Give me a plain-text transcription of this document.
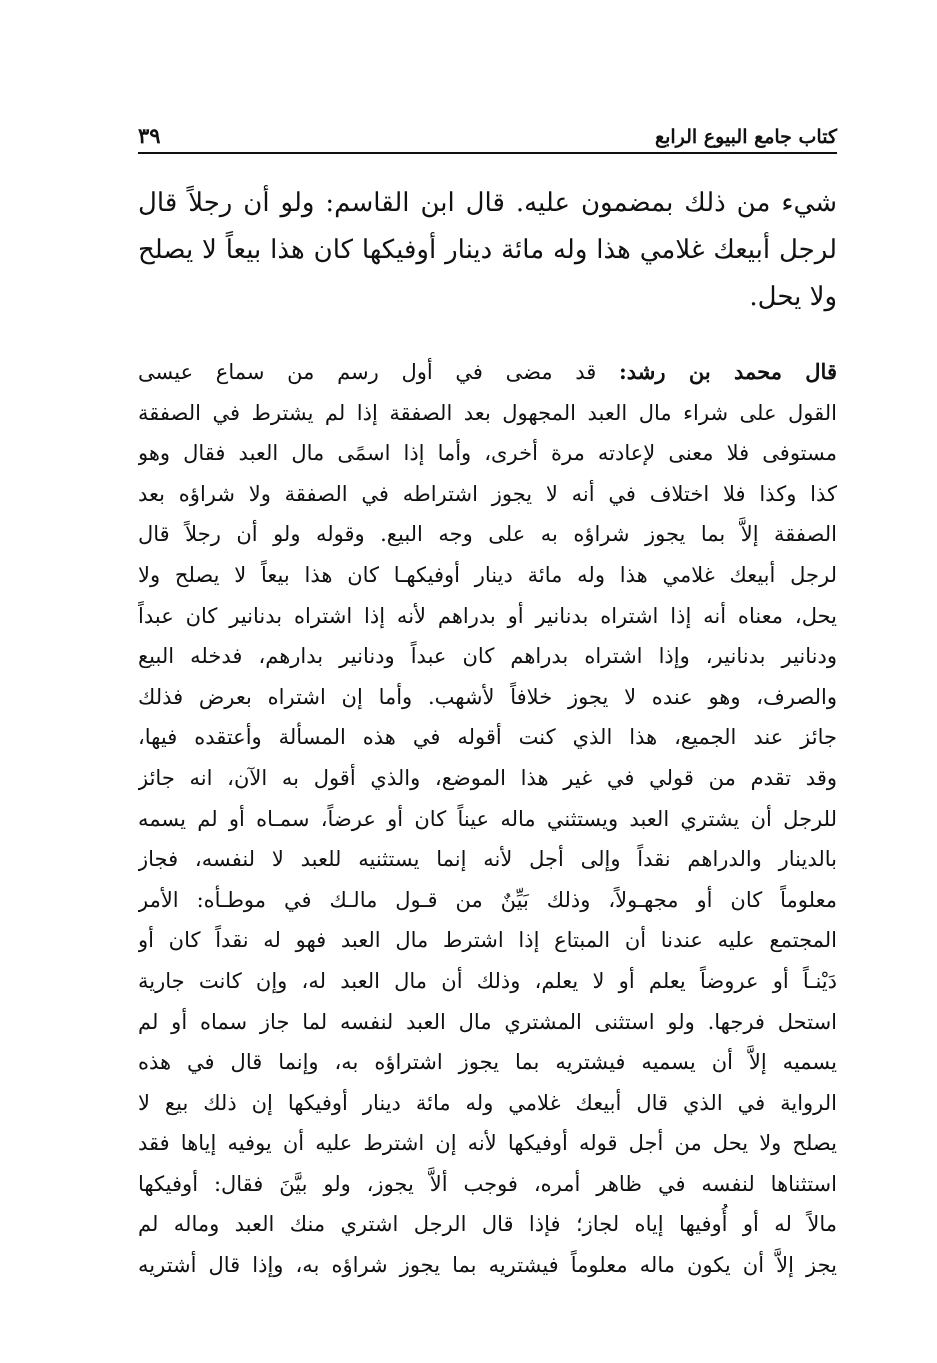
كتاب جامع البيوع الرابع
٣٩
شيء من ذلك بمضمون عليه. قال ابن القاسم: ولو أن رجلاً قال
لرجل أبيعك غلامي هذا وله مائة دينار أوفيكها كان هذا بيعاً لا يصلح
ولا يحل.
قال محمد بن رشد: قد مضى في أول رسم من سماع عيسى
القول على شراء مال العبد المجهول بعد الصفقة إذا لم يشترط في الصفقة
مستوفى فلا معنى لإعادته مرة أخرى، وأما إذا اسمًى مال العبد فقال وهو
كذا وكذا فلا اختلاف في أنه لا يجوز اشتراطه في الصفقة ولا شراؤه بعد
الصفقة إلاَّ بما يجوز شراؤه به على وجه البيع. وقوله ولو أن رجلاً قال
لرجل أبيعك غلامي هذا وله مائة دينار أوفيكهـا كان هذا بيعاً لا يصلح ولا
يحل، معناه أنه إذا اشتراه بدنانير أو بدراهم لأنه إذا اشتراه بدنانير كان عبداً
ودنانير بدنانير، وإذا اشتراه بدراهم كان عبداً ودنانير بدارهم، فدخله البيع
والصرف، وهو عنده لا يجوز خلافاً لأشهب. وأما إن اشتراه بعرض فذلك
جائز عند الجميع، هذا الذي كنت أقوله في هذه المسألة وأعتقده فيها،
وقد تقدم من قولي في غير هذا الموضع، والذي أقول به الآن، انه جائز
للرجل أن يشتري العبد ويستثني ماله عيناً كان أو عرضاً، سمـاه أو لم يسمه
بالدينار والدراهم نقداً وإلى أجل لأنه إنما يستثنيه للعبد لا لنفسه، فجاز
معلوماً كان أو مجهـولاً، وذلك بَيِّنٌ من قـول مالـك في موطـأه: الأمر
المجتمع عليه عندنا أن المبتاع إذا اشترط مال العبد فهو له نقداً كان أو
دَيْنـاً أو عروضاً يعلم أو لا يعلم، وذلك أن مال العبد له، وإن كانت جارية
استحل فرجها. ولو استثنى المشتري مال العبد لنفسه لما جاز سماه أو لم
يسميه إلاَّ أن يسميه فيشتريه بما يجوز اشتراؤه به، وإنما قال في هذه
الرواية في الذي قال أبيعك غلامي وله مائة دينار أوفيكها إن ذلك بيع لا
يصلح ولا يحل من أجل قوله أوفيكها لأنه إن اشترط عليه أن يوفيه إياها فقد
استثناها لنفسه في ظاهر أمره، فوجب ألاَّ يجوز، ولو بيَّنَ فقال: أوفيكها
مالاً له أو أُوفيها إياه لجاز؛ فإذا قال الرجل اشتري منك العبد وماله لم
يجز إلاَّ أن يكون ماله معلوماً فيشتريه بما يجوز شراؤه به، وإذا قال أشتريه
